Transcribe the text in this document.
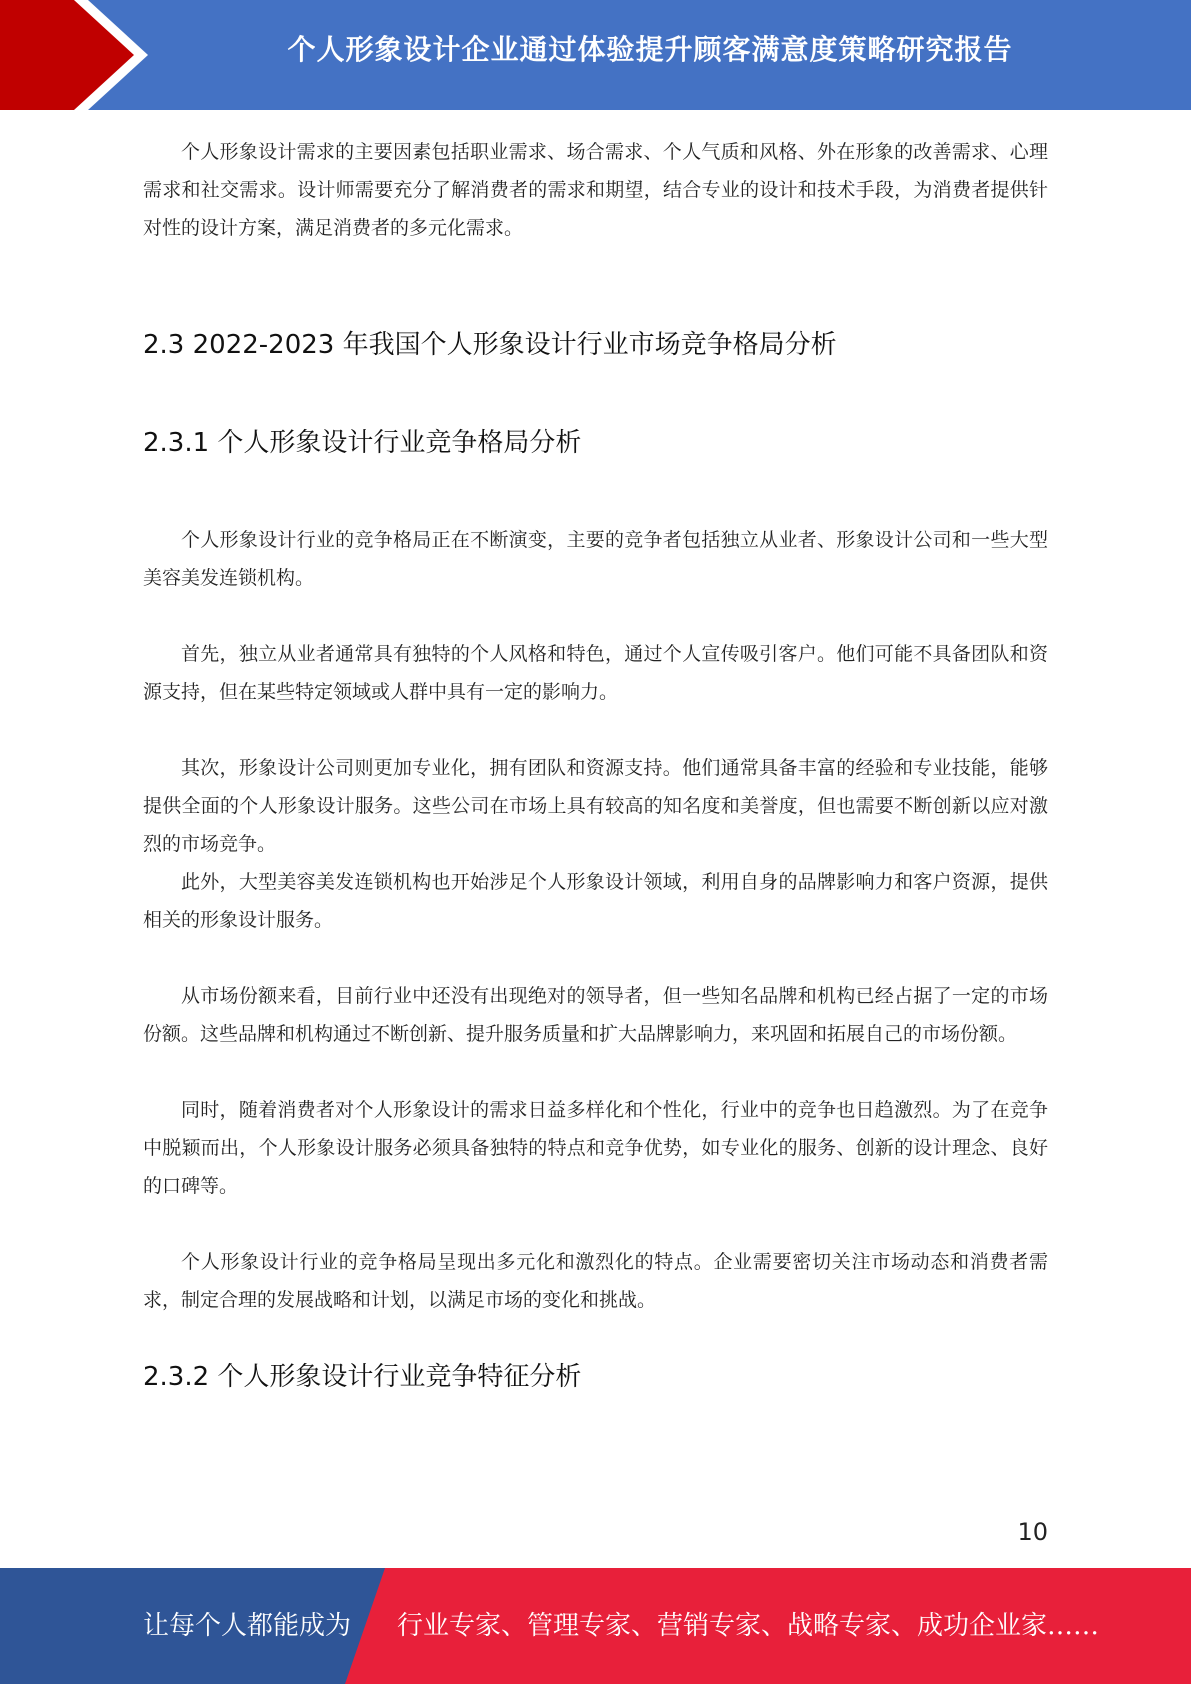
个人形象设计企业通过体验提升顾客满意度策略研究报告

个人形象设计需求的主要因素包括职业需求、场合需求、个人气质和风格、外在形象的改善需求、心理需求和社交需求。设计师需要充分了解消费者的需求和期望，结合专业的设计和技术手段，为消费者提供针对性的设计方案，满足消费者的多元化需求。

2.3 2022-2023 年我国个人形象设计行业市场竞争格局分析
2.3.1 个人形象设计行业竞争格局分析

个人形象设计行业的竞争格局正在不断演变，主要的竞争者包括独立从业者、形象设计公司和一些大型美容美发连锁机构。

首先，独立从业者通常具有独特的个人风格和特色，通过个人宣传吸引客户。他们可能不具备团队和资源支持，但在某些特定领域或人群中具有一定的影响力。

其次，形象设计公司则更加专业化，拥有团队和资源支持。他们通常具备丰富的经验和专业技能，能够提供全面的个人形象设计服务。这些公司在市场上具有较高的知名度和美誉度，但也需要不断创新以应对激烈的市场竞争。

此外，大型美容美发连锁机构也开始涉足个人形象设计领域，利用自身的品牌影响力和客户资源，提供相关的形象设计服务。

从市场份额来看，目前行业中还没有出现绝对的领导者，但一些知名品牌和机构已经占据了一定的市场份额。这些品牌和机构通过不断创新、提升服务质量和扩大品牌影响力，来巩固和拓展自己的市场份额。

同时，随着消费者对个人形象设计的需求日益多样化和个性化，行业中的竞争也日趋激烈。为了在竞争中脱颖而出，个人形象设计服务必须具备独特的特点和竞争优势，如专业化的服务、创新的设计理念、良好的口碑等。

个人形象设计行业的竞争格局呈现出多元化和激烈化的特点。企业需要密切关注市场动态和消费者需求，制定合理的发展战略和计划，以满足市场的变化和挑战。

2.3.2 个人形象设计行业竞争特征分析
10
让每个人都能成为 行业专家、管理专家、营销专家、战略专家、成功企业家……
